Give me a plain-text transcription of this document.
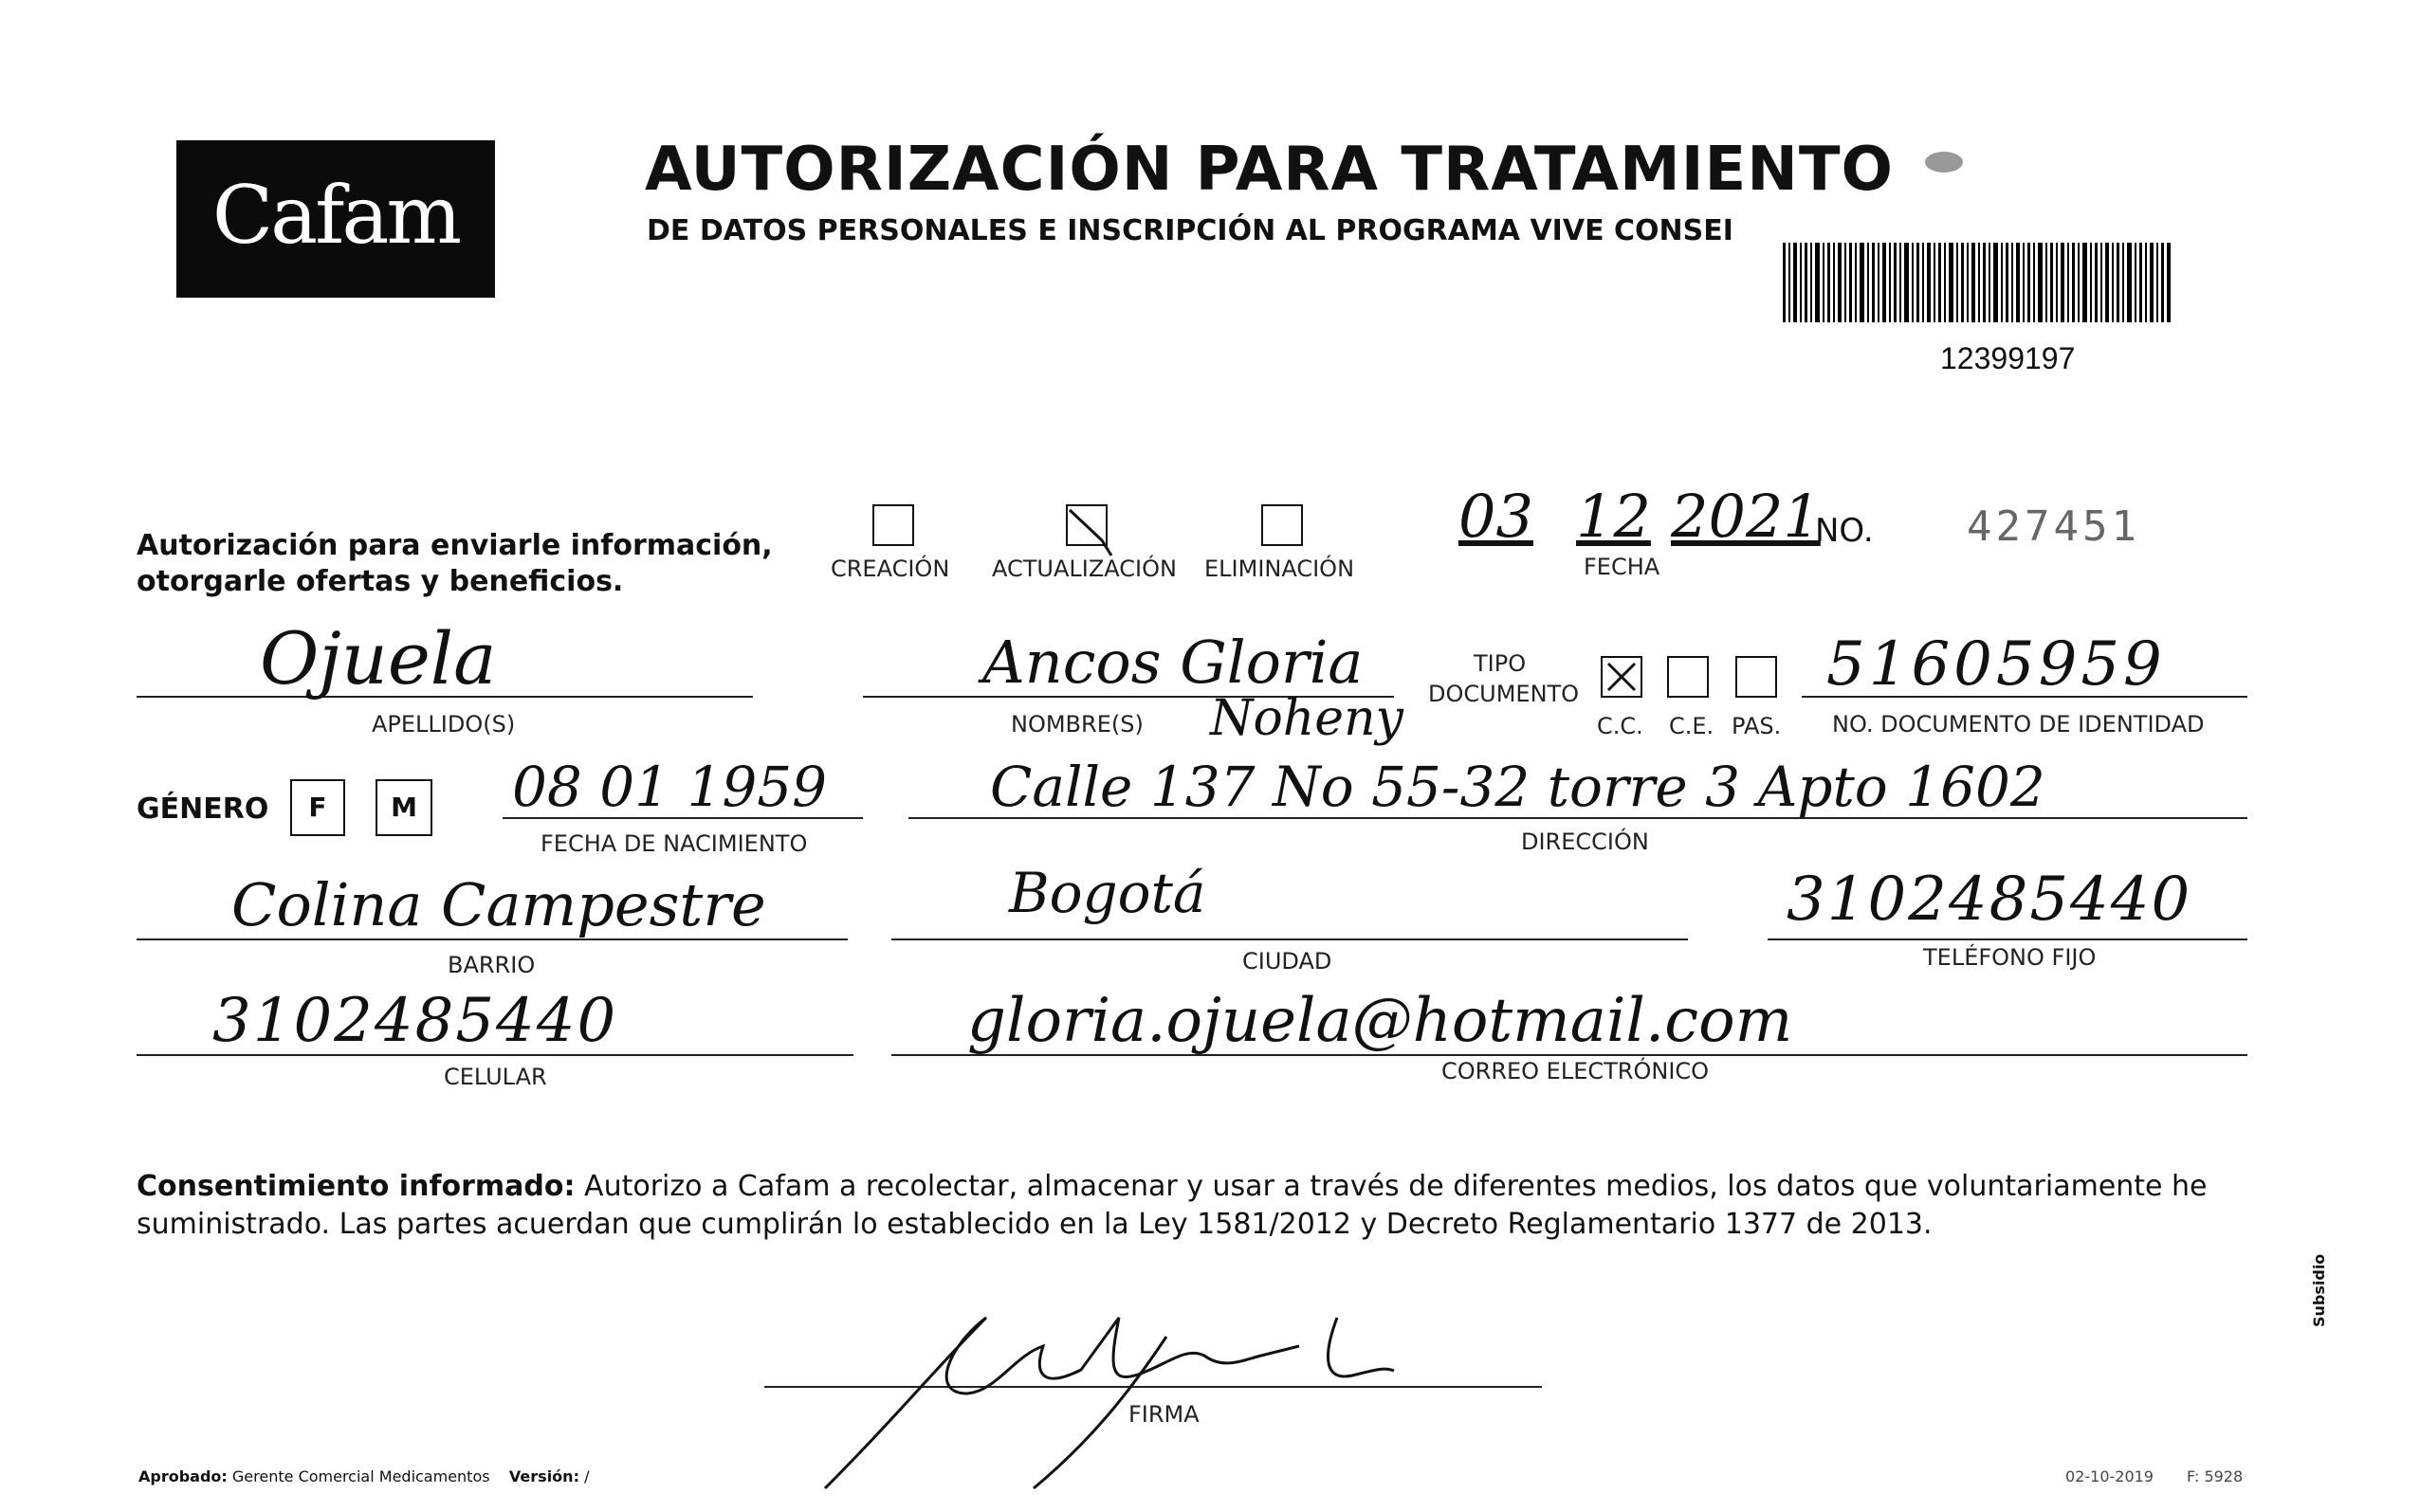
Cafam	AUTORIZACIÓN PARA TRATAMIENTO
DE DATOS PERSONALES E INSCRIPCIÓN AL PROGRAMA VIVE CONSEI
12399197
Autorización para enviarle información,
otorgarle ofertas y beneficios.	CREACIÓN ACTUALIZACIÓN ELIMINACIÓN
03 12 2021
FECHA
NO. 427451
Ojuela
APELLIDO(S)
Ancos Gloria
Noheny
NOMBRE(S)
TIPO
DOCUMENTO
C.C. C.E. PAS.
51605959
NO. DOCUMENTO DE IDENTIDAD
GÉNERO	F	M 08 01 1959
FECHA DE NACIMIENTO
Calle 137 No 55-32 torre 3 Apto 1602
DIRECCIÓN
Colina Campestre
BARRIO
Bogotá
CIUDAD
3102485440
TELÉFONO FIJO
3102485440
CELULAR
gloria.ojuela@hotmail.com
CORREO ELECTRÓNICO
Consentimiento informado: Autorizo a Cafam a recolectar, almacenar y usar a través de diferentes medios, los datos que voluntariamente he suministrado. Las partes acuerdan que cumplirán lo establecido en la Ley 1581/2012 y Decreto Reglamentario 1377 de 2013.
FIRMA
Aprobado: Gerente Comercial Medicamentos Versión: /	02-10-2019 F: 5928
Subsidio
